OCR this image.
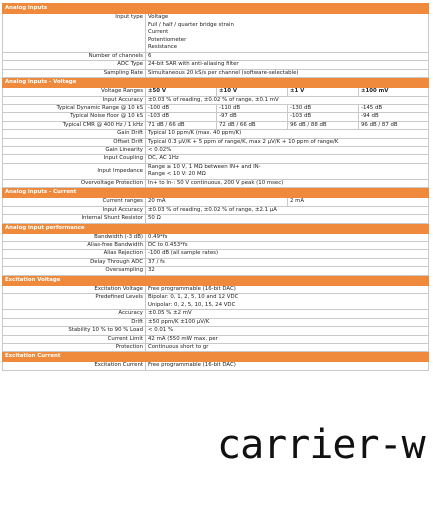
Analog inputs				
Input type	Voltage
Full / half / quarter bridge strain
Current
Potentiometer
Resistance			

Number of channels	6			
ADC Type	24-bit SAR with anti-aliasing filter			
Sampling Rate	Simultaneous 20 kS/s per channel (software-selectable)			
Analog inputs - Voltage				
Voltage Ranges	±50 V	±10 V	±1 V	±100 mV
Input Accuracy	±0.03 % of reading, ±0.02 % of range, ±0.1 mV			
Typical Dynamic Range @ 10 kS	-100 dB	-110 dB	-130 dB	-145 dB
Typical Noise floor @ 10 kS	-103 dB	-97 dB	-103 dB	-94 dB
Typical CMR @ 400 Hz / 1 kHz	71 dB / 66 dB	72 dB / 66 dB	96 dB / 88 dB	96 dB / 87 dB
Gain Drift	Typical 10 ppm/K (max. 40 ppm/K)			
Offset Drift	Typical 0.3 µV/K + 5 ppm of range/K, max 2 µV/K + 10 ppm of range/K			
Gain Linearity	< 0.02%			
Input Coupling	DC, AC 1Hz			
Input Impedance	Range ≥ 10 V, 1 MΩ between IN+ and IN-
Range < 10 V: 20 MΩ			

Overvoltage Protection	In+ to In-: 50 V continuous, 200 V peak (10 msec)			
Analog inputs - Current				
Current ranges	20 mA		2 mA	
Input Accuracy	±0.03 % of reading, ±0.02 % of range, ±2.1 µA			
Internal Shunt Resistor	50 Ω			
Analog input performance				
Bandwidth (-3 dB)	0.49*fs			
Alias-free Bandwidth	DC to 0.453*fs			
Alias Rejection	-100 dB (all sample rates)			
Delay Through ADC	37 / fs			
Oversampling	32			
Excitation Voltage				
Excitation Voltage	Free programmable (16-bit DAC)			
Predefined Levels	Bipolar: 0, 1, 2, 5, 10 and 12 VDC
Unipolar: 0, 2, 5, 10, 15, 24 VDC			

Accuracy	±0.05 % ±2 mV			
Drift	±50 ppm/K ±100 µV/K			
Stability 10 % to 90 % Load	< 0.01 %			
Current Limit	42 mA (550 mW max. per			
Protection	Continuous short to gr			
Excitation Current				
Excitation Current	Free programmable (16-bit DAC)			
carrier-w
